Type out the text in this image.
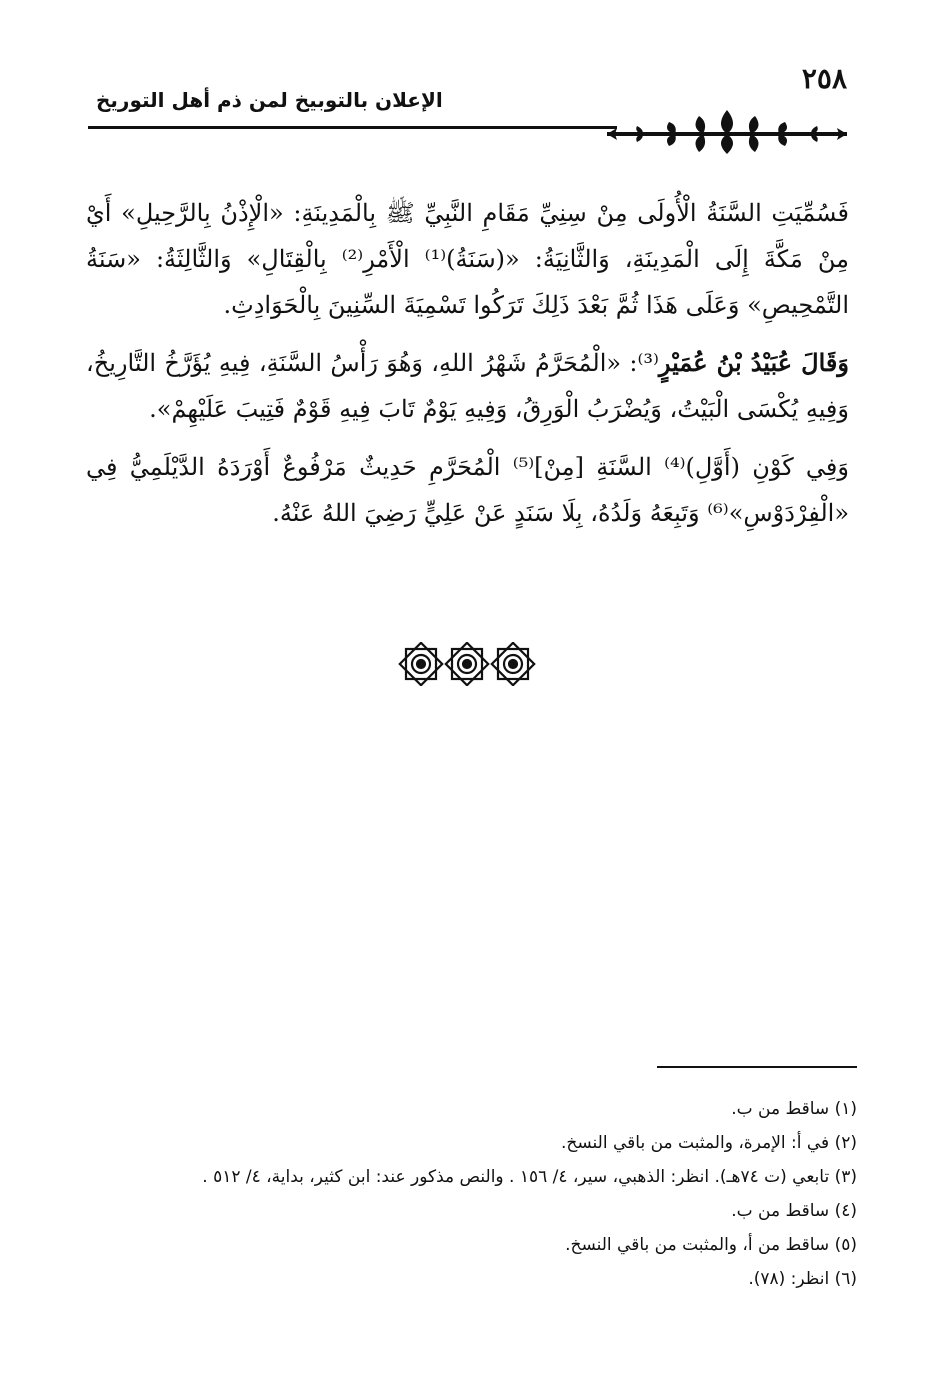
٢٥٨
الإعلان بالتوبيخ لمن ذم أهل التوريخ

فَسُمِّيَتِ السَّنَةُ الْأُولَى مِنْ سِنِيِّ مَقَامِ النَّبِيِّ ﷺ بِالْمَدِينَةِ: «الْإِذْنُ بِالرَّحِيلِ» أَيْ مِنْ مَكَّةَ إِلَى الْمَدِينَةِ، وَالثَّانِيَةُ: «(سَنَةُ)⁽¹⁾ الْأَمْرِ⁽²⁾ بِالْقِتَالِ» وَالثَّالِثَةُ: «سَنَةُ التَّمْحِيصِ» وَعَلَى هَذَا ثُمَّ بَعْدَ ذَلِكَ تَرَكُوا تَسْمِيَةَ السِّنِينَ بِالْحَوَادِثِ.

وَقَالَ عُبَيْدُ بْنُ عُمَيْرٍ⁽³⁾: «الْمُحَرَّمُ شَهْرُ اللهِ، وَهُوَ رَأْسُ السَّنَةِ، فِيهِ يُؤَرَّخُ التَّارِيخُ، وَفِيهِ يُكْسَى الْبَيْتُ، وَيُضْرَبُ الْوَرِقُ، وَفِيهِ يَوْمٌ تَابَ فِيهِ قَوْمٌ فَتِيبَ عَلَيْهِمْ».

وَفِي كَوْنِ (أَوَّلِ)⁽⁴⁾ السَّنَةِ [مِنْ]⁽⁵⁾ الْمُحَرَّمِ حَدِيثٌ مَرْفُوعٌ أَوْرَدَهُ الدَّيْلَمِيُّ فِي «الْفِرْدَوْسِ»⁽⁶⁾ وَتَبِعَهُ وَلَدُهُ، بِلَا سَنَدٍ عَنْ عَلِيٍّ رَضِيَ اللهُ عَنْهُ.

(١) ساقط من ب.
(٢) في أ: الإمرة، والمثبت من باقي النسخ.
(٣) تابعي (ت ٧٤هـ). انظر: الذهبي، سير، ٤/ ١٥٦ . والنص مذكور عند: ابن كثير، بداية، ٤/ ٥١٢ .
(٤) ساقط من ب.
(٥) ساقط من أ، والمثبت من باقي النسخ.
(٦) انظر: (٧٨).
